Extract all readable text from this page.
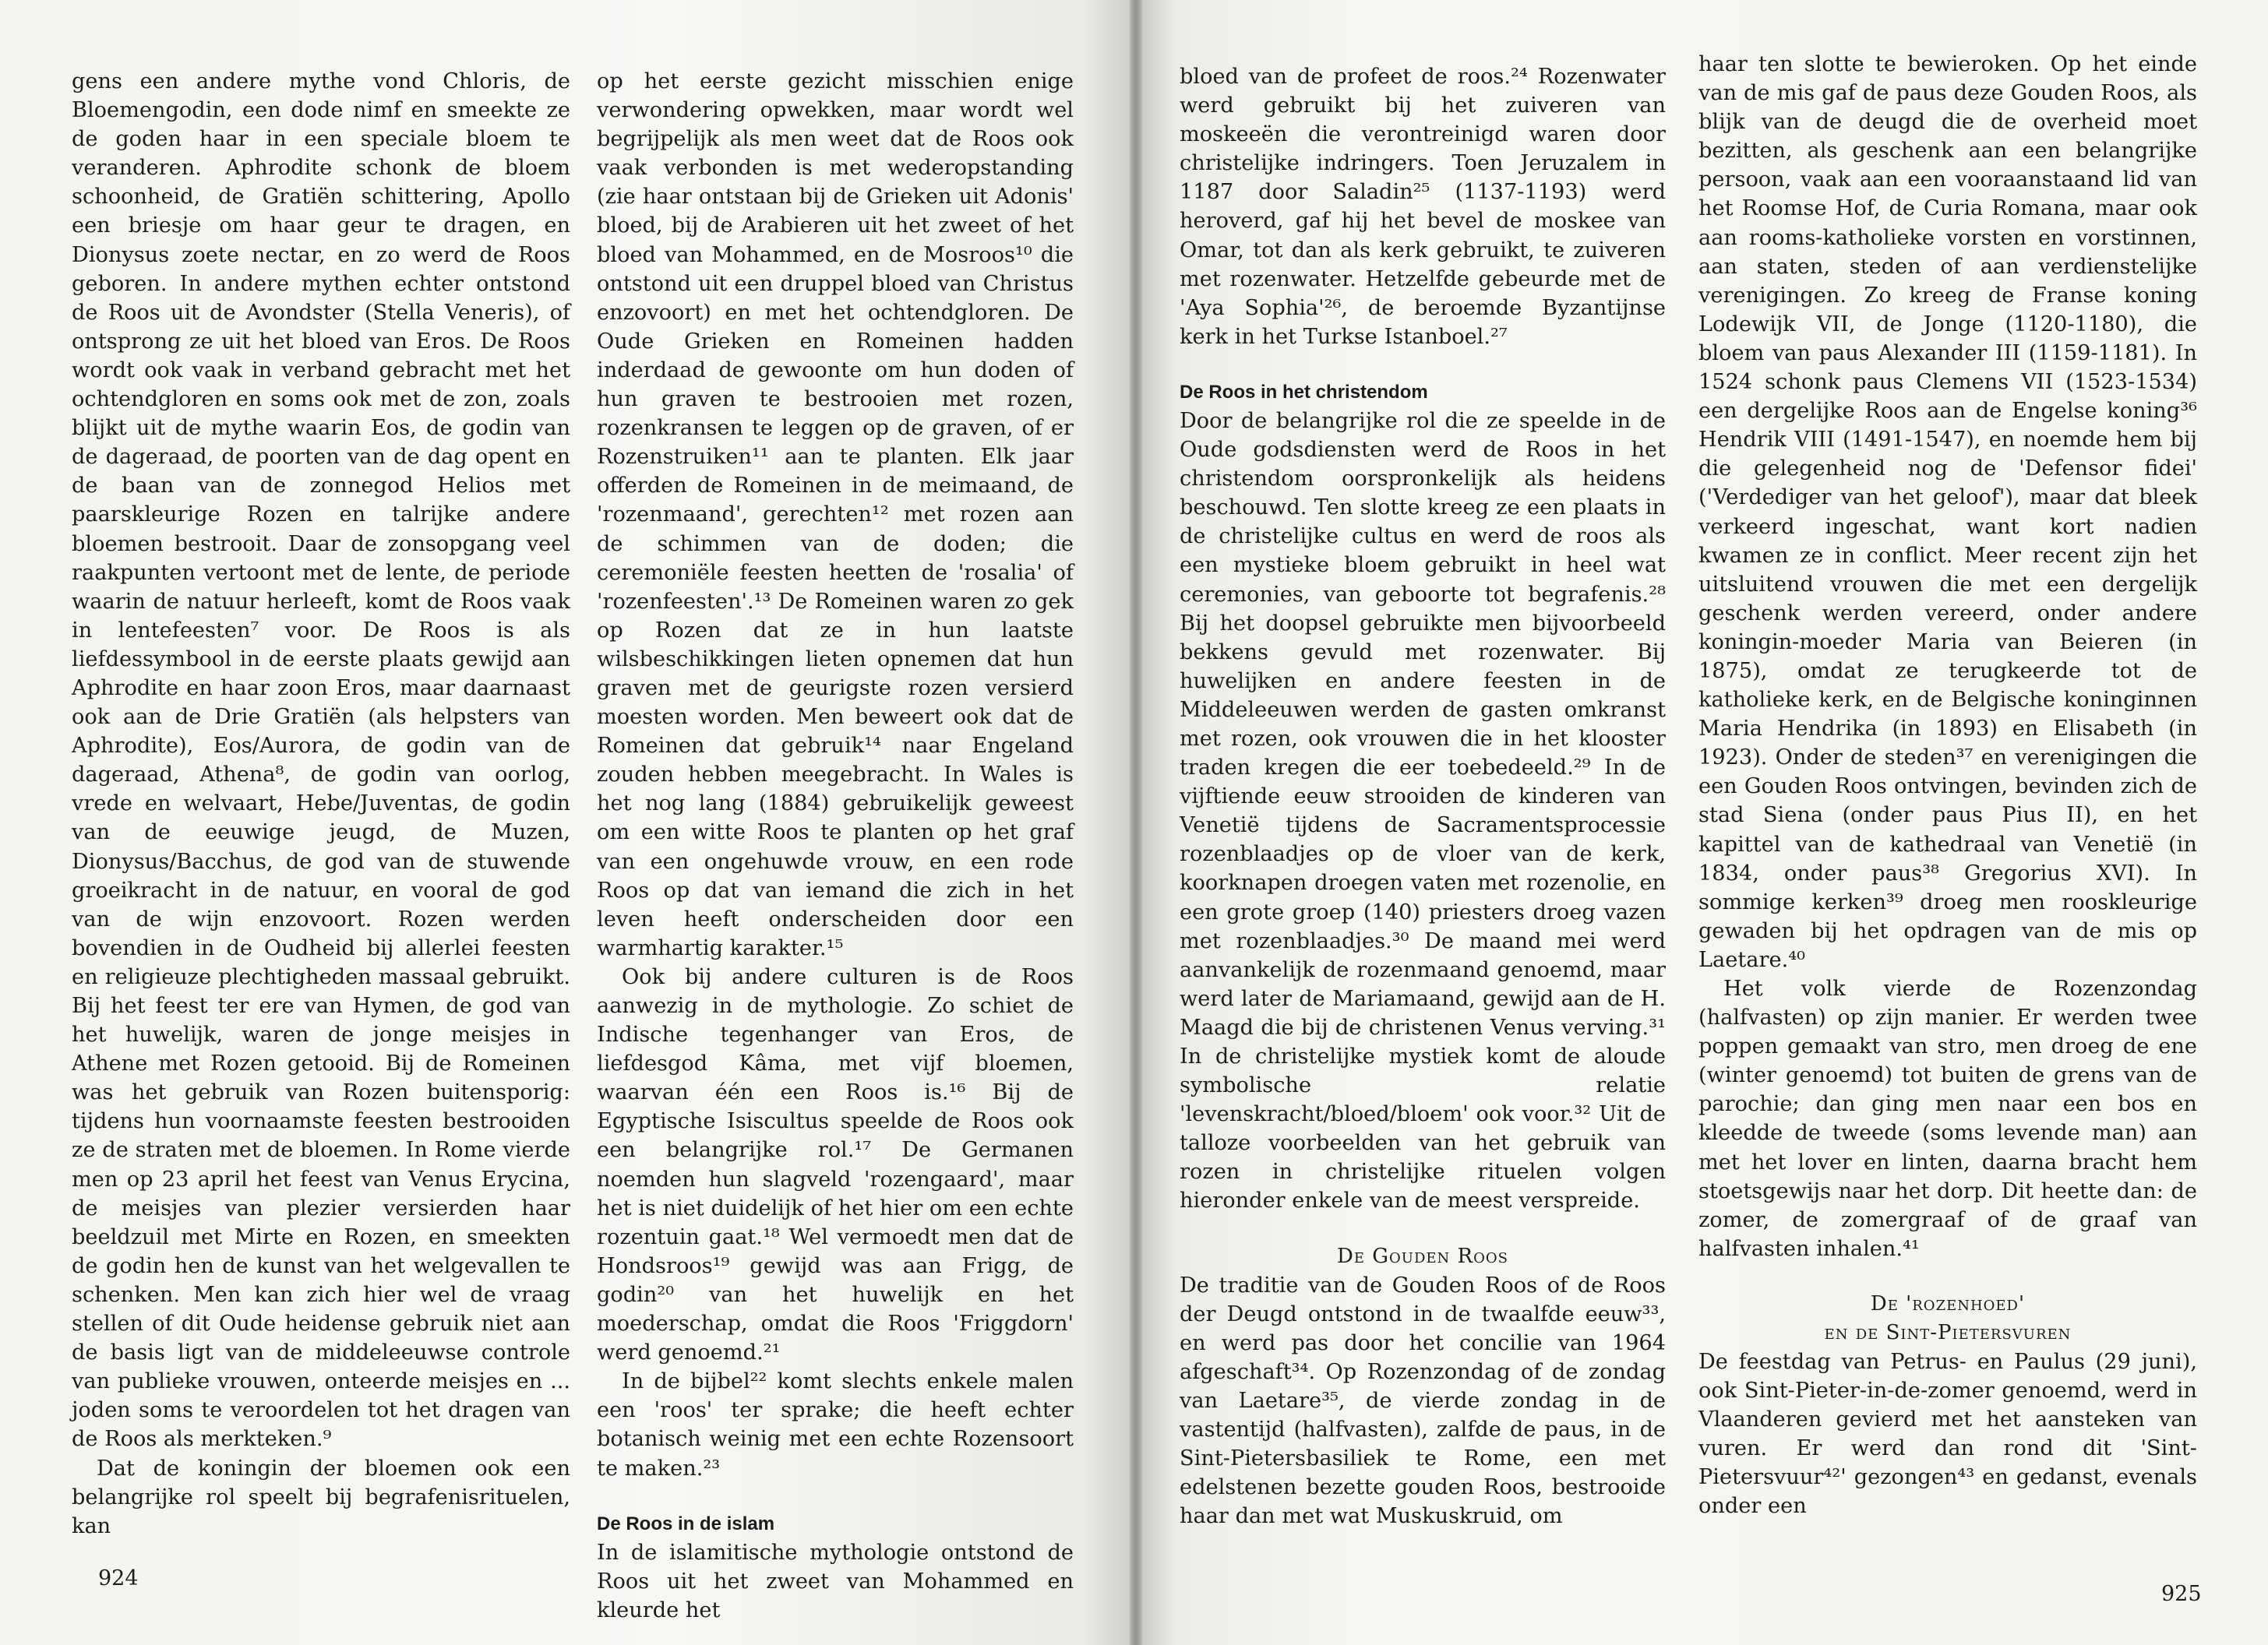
gens een andere mythe vond Chloris, de Bloemengodin, een dode nimf en smeekte ze de goden haar in een speciale bloem te veranderen. Aphrodite schonk de bloem schoonheid, de Gratiën schittering, Apollo een briesje om haar geur te dragen, en Dionysus zoete nectar, en zo werd de Roos geboren. In andere mythen echter ontstond de Roos uit de Avondster (Stella Veneris), of ontsprong ze uit het bloed van Eros. De Roos wordt ook vaak in verband gebracht met het ochtendgloren en soms ook met de zon, zoals blijkt uit de mythe waarin Eos, de godin van de dageraad, de poorten van de dag opent en de baan van de zonnegod Helios met paarskleurige Rozen en talrijke andere bloemen bestrooit. Daar de zonsopgang veel raakpunten vertoont met de lente, de periode waarin de natuur herleeft, komt de Roos vaak in lentefeesten⁷ voor. De Roos is als liefdessymbool in de eerste plaats gewijd aan Aphrodite en haar zoon Eros, maar daarnaast ook aan de Drie Gratiën (als helpsters van Aphrodite), Eos/Aurora, de godin van de dageraad, Athena⁸, de godin van oorlog, vrede en welvaart, Hebe/Juventas, de godin van de eeuwige jeugd, de Muzen, Dionysus/Bacchus, de god van de stuwende groeikracht in de natuur, en vooral de god van de wijn enzovoort. Rozen werden bovendien in de Oudheid bij allerlei feesten en religieuze plechtigheden massaal gebruikt. Bij het feest ter ere van Hymen, de god van het huwelijk, waren de jonge meisjes in Athene met Rozen getooid. Bij de Romeinen was het gebruik van Rozen buitensporig: tijdens hun voornaamste feesten bestrooiden ze de straten met de bloemen. In Rome vierde men op 23 april het feest van Venus Erycina, de meisjes van plezier versierden haar beeldzuil met Mirte en Rozen, en smeekten de godin hen de kunst van het welgevallen te schenken. Men kan zich hier wel de vraag stellen of dit Oude heidense gebruik niet aan de basis ligt van de middeleeuwse controle van publieke vrouwen, onteerde meisjes en ... joden soms te veroordelen tot het dragen van de Roos als merkteken.⁹

Dat de koningin der bloemen ook een belangrijke rol speelt bij begrafenisrituelen, kan

op het eerste gezicht misschien enige verwondering opwekken, maar wordt wel begrijpelijk als men weet dat de Roos ook vaak verbonden is met wederopstanding (zie haar ontstaan bij de Grieken uit Adonis' bloed, bij de Arabieren uit het zweet of het bloed van Mohammed, en de Mosroos¹⁰ die ontstond uit een druppel bloed van Christus enzovoort) en met het ochtendgloren. De Oude Grieken en Romeinen hadden inderdaad de gewoonte om hun doden of hun graven te bestrooien met rozen, rozenkransen te leggen op de graven, of er Rozenstruiken¹¹ aan te planten. Elk jaar offerden de Romeinen in de meimaand, de 'rozenmaand', gerechten¹² met rozen aan de schimmen van de doden; die ceremoniële feesten heetten de 'rosalia' of 'rozenfeesten'.¹³ De Romeinen waren zo gek op Rozen dat ze in hun laatste wilsbeschikkingen lieten opnemen dat hun graven met de geurigste rozen versierd moesten worden. Men beweert ook dat de Romeinen dat gebruik¹⁴ naar Engeland zouden hebben meegebracht. In Wales is het nog lang (1884) gebruikelijk geweest om een witte Roos te planten op het graf van een ongehuwde vrouw, en een rode Roos op dat van iemand die zich in het leven heeft onderscheiden door een warmhartig karakter.¹⁵

Ook bij andere culturen is de Roos aanwezig in de mythologie. Zo schiet de Indische tegenhanger van Eros, de liefdesgod Kâma, met vijf bloemen, waarvan één een Roos is.¹⁶ Bij de Egyptische Isiscultus speelde de Roos ook een belangrijke rol.¹⁷ De Germanen noemden hun slagveld 'rozengaard', maar het is niet duidelijk of het hier om een echte rozentuin gaat.¹⁸ Wel vermoedt men dat de Hondsroos¹⁹ gewijd was aan Frigg, de godin²⁰ van het huwelijk en het moederschap, omdat die Roos 'Friggdorn' werd genoemd.²¹

In de bijbel²² komt slechts enkele malen een 'roos' ter sprake; die heeft echter botanisch weinig met een echte Rozensoort te maken.²³

De Roos in de islam

In de islamitische mythologie ontstond de Roos uit het zweet van Mohammed en kleurde het

924

bloed van de profeet de roos.²⁴ Rozenwater werd gebruikt bij het zuiveren van moskeeën die verontreinigd waren door christelijke indringers. Toen Jeruzalem in 1187 door Saladin²⁵ (1137-1193) werd heroverd, gaf hij het bevel de moskee van Omar, tot dan als kerk gebruikt, te zuiveren met rozenwater. Hetzelfde gebeurde met de 'Aya Sophia'²⁶, de beroemde Byzantijnse kerk in het Turkse Istanboel.²⁷

De Roos in het christendom

Door de belangrijke rol die ze speelde in de Oude godsdiensten werd de Roos in het christendom oorspronkelijk als heidens beschouwd. Ten slotte kreeg ze een plaats in de christelijke cultus en werd de roos als een mystieke bloem gebruikt in heel wat ceremonies, van geboorte tot begrafenis.²⁸ Bij het doopsel gebruikte men bijvoorbeeld bekkens gevuld met rozenwater. Bij huwelijken en andere feesten in de Middeleeuwen werden de gasten omkranst met rozen, ook vrouwen die in het klooster traden kregen die eer toebedeeld.²⁹ In de vijftiende eeuw strooiden de kinderen van Venetië tijdens de Sacramentsprocessie rozenblaadjes op de vloer van de kerk, koorknapen droegen vaten met rozenolie, en een grote groep (140) priesters droeg vazen met rozenblaadjes.³⁰ De maand mei werd aanvankelijk de rozenmaand genoemd, maar werd later de Mariamaand, gewijd aan de H. Maagd die bij de christenen Venus verving.³¹ In de christelijke mystiek komt de aloude symbolische relatie 'levenskracht/bloed/bloem' ook voor.³² Uit de talloze voorbeelden van het gebruik van rozen in christelijke rituelen volgen hieronder enkele van de meest verspreide.

De Gouden Roos

De traditie van de Gouden Roos of de Roos der Deugd ontstond in de twaalfde eeuw³³, en werd pas door het concilie van 1964 afgeschaft³⁴. Op Rozenzondag of de zondag van Laetare³⁵, de vierde zondag in de vastentijd (halfvasten), zalfde de paus, in de Sint-Pietersbasiliek te Rome, een met edelstenen bezette gouden Roos, bestrooide haar dan met wat Muskuskruid, om

haar ten slotte te bewieroken. Op het einde van de mis gaf de paus deze Gouden Roos, als blijk van de deugd die de overheid moet bezitten, als geschenk aan een belangrijke persoon, vaak aan een vooraanstaand lid van het Roomse Hof, de Curia Romana, maar ook aan rooms-katholieke vorsten en vorstinnen, aan staten, steden of aan verdienstelijke verenigingen. Zo kreeg de Franse koning Lodewijk VII, de Jonge (1120-1180), die bloem van paus Alexander III (1159-1181). In 1524 schonk paus Clemens VII (1523-1534) een dergelijke Roos aan de Engelse koning³⁶ Hendrik VIII (1491-1547), en noemde hem bij die gelegenheid nog de 'Defensor fidei' ('Verdediger van het geloof'), maar dat bleek verkeerd ingeschat, want kort nadien kwamen ze in conflict. Meer recent zijn het uitsluitend vrouwen die met een dergelijk geschenk werden vereerd, onder andere koningin-moeder Maria van Beieren (in 1875), omdat ze terugkeerde tot de katholieke kerk, en de Belgische koninginnen Maria Hendrika (in 1893) en Elisabeth (in 1923). Onder de steden³⁷ en verenigingen die een Gouden Roos ontvingen, bevinden zich de stad Siena (onder paus Pius II), en het kapittel van de kathedraal van Venetië (in 1834, onder paus³⁸ Gregorius XVI). In sommige kerken³⁹ droeg men rooskleurige gewaden bij het opdragen van de mis op Laetare.⁴⁰

Het volk vierde de Rozenzondag (halfvasten) op zijn manier. Er werden twee poppen gemaakt van stro, men droeg de ene (winter genoemd) tot buiten de grens van de parochie; dan ging men naar een bos en kleedde de tweede (soms levende man) aan met het lover en linten, daarna bracht hem stoetsgewijs naar het dorp. Dit heette dan: de zomer, de zomergraaf of de graaf van halfvasten inhalen.⁴¹

De 'rozenhoed'
en de Sint-Pietersvuren

De feestdag van Petrus- en Paulus (29 juni), ook Sint-Pieter-in-de-zomer genoemd, werd in Vlaanderen gevierd met het aansteken van vuren. Er werd dan rond dit 'Sint-Pietersvuur⁴²' gezongen⁴³ en gedanst, evenals onder een

925
